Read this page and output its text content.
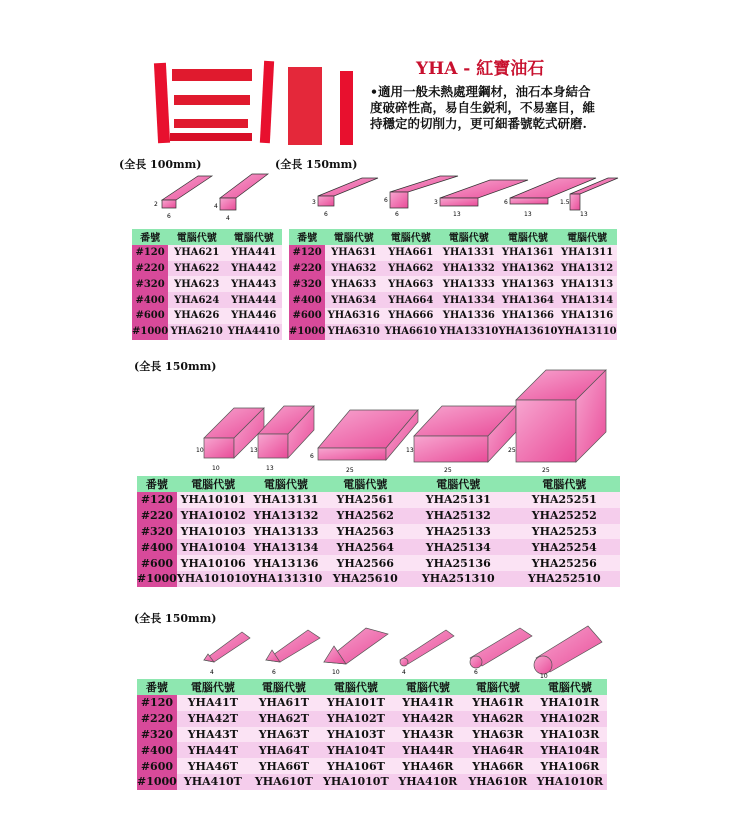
YHA - 紅寶油石
•適用一般未熱處理鋼材，油石本身結合
度破碎性高，易自生鋭利，不易塞目，維
持穩定的切削力，更可細番號乾式研磨.
(全長 100mm)	(全長 150mm)
2
6
4
4
3
6
6
6
3
13
6
13
1.5
13
番號	電腦代號	電腦代號
#120	YHA621	YHA441
#220	YHA622	YHA442
#320	YHA623	YHA443
#400	YHA624	YHA444
#600	YHA626	YHA446
#1000	YHA6210	YHA4410
番號	電腦代號	電腦代號	電腦代號	電腦代號	電腦代號
#120	YHA631	YHA661	YHA1331	YHA1361	YHA1311
#220	YHA632	YHA662	YHA1332	YHA1362	YHA1312
#320	YHA633	YHA663	YHA1333	YHA1363	YHA1313
#400	YHA634	YHA664	YHA1334	YHA1364	YHA1314
#600	YHA6316	YHA666	YHA1336	YHA1366	YHA1316
#1000	YHA6310	YHA6610	YHA13310	YHA13610	YHA13110
(全長 150mm)
10
10
13
13
6
25
13
25
25
25
番號	電腦代號	電腦代號	電腦代號	電腦代號	電腦代號
#120	YHA10101	YHA13131	YHA2561	YHA25131	YHA25251
#220	YHA10102	YHA13132	YHA2562	YHA25132	YHA25252
#320	YHA10103	YHA13133	YHA2563	YHA25133	YHA25253
#400	YHA10104	YHA13134	YHA2564	YHA25134	YHA25254
#600	YHA10106	YHA13136	YHA2566	YHA25136	YHA25256
#1000	YHA101010	YHA131310	YHA25610	YHA251310	YHA252510
(全長 150mm)
4	6	10	4	6
10
番號	電腦代號	電腦代號	電腦代號	電腦代號	電腦代號	電腦代號
#120	YHA41T	YHA61T	YHA101T	YHA41R	YHA61R	YHA101R
#220	YHA42T	YHA62T	YHA102T	YHA42R	YHA62R	YHA102R
#320	YHA43T	YHA63T	YHA103T	YHA43R	YHA63R	YHA103R
#400	YHA44T	YHA64T	YHA104T	YHA44R	YHA64R	YHA104R
#600	YHA46T	YHA66T	YHA106T	YHA46R	YHA66R	YHA106R
#1000	YHA410T	YHA610T	YHA1010T	YHA410R	YHA610R	YHA1010R
